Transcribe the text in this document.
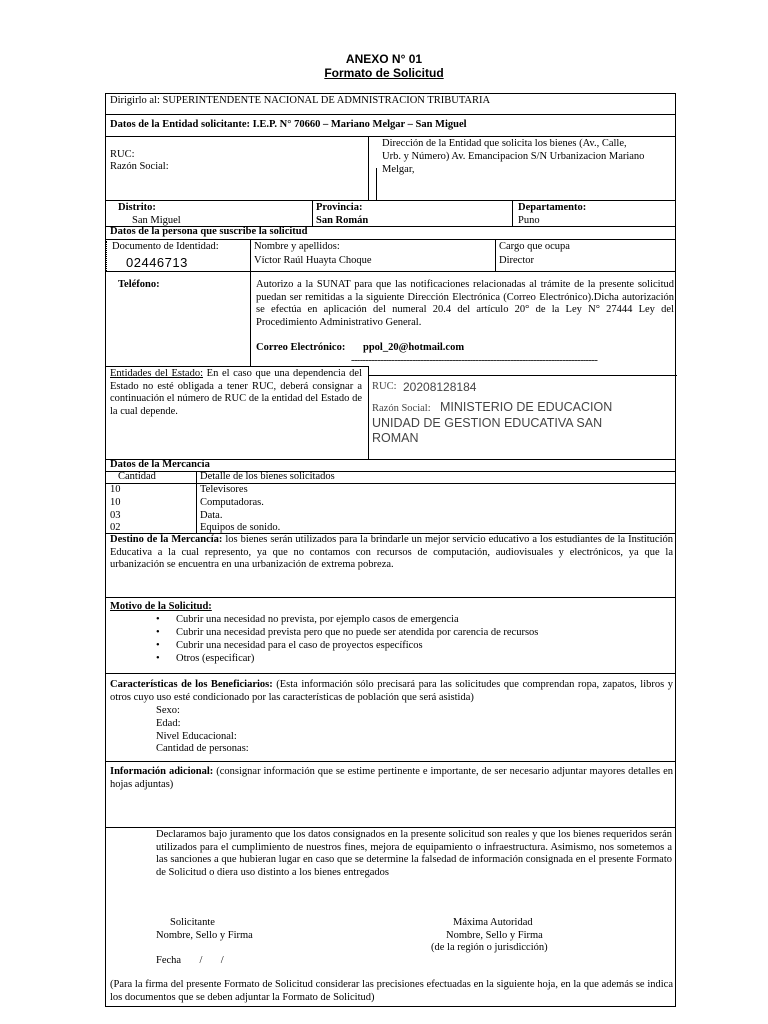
ANEXO N° 01
Formato de Solicitud
Dirigirlo al: SUPERINTENDENTE NACIONAL DE ADMNISTRACION TRIBUTARIA
Datos de la Entidad solicitante: I.E.P. N° 70660 – Mariano Melgar – San Miguel
RUC:
Razón Social:
Dirección de la Entidad que solicita los bienes (Av., Calle,
Urb. y Número) Av. Emancipacion S/N Urbanizacion Mariano
Melgar,
Distrito:
San Miguel
Provincia:
San Román
Departamento:
Puno
Datos de la persona que suscribe la solicitud
Documento de Identidad:
02446713
Nombre y apellidos:
Víctor Raúl Huayta Choque
Cargo que ocupa
Director
Teléfono:	Autorizo a la SUNAT para que las notificaciones relacionadas al trámite de la presente solicitud puedan ser remitidas a la siguiente Dirección Electrónica (Correo Electrónico).Dicha autorización se efectúa en aplicación del numeral 20.4 del artículo 20° de la Ley N° 27444 Ley del Procedimiento Administrativo General.
Correo Electrónico: ppol_20@hotmail.com
-------------------------------------------------------------------------------------
Entidades del Estado: En el caso que una dependencia del Estado no esté obligada a tener RUC, deberá consignar a continuación el número de RUC de la entidad del Estado de la cual depende.
RUC: 20208128184
Razón Social: MINISTERIO DE EDUCACION
UNIDAD DE GESTION EDUCATIVA SAN
ROMAN
Datos de la Mercancía
Cantidad	Detalle de los bienes solicitados
10	Televisores
10	Computadoras.
03	Data.
02	Equipos de sonido.
Destino de la Mercancía: los bienes serán utilizados para la brindarle un mejor servicio educativo a los estudiantes de la Institución Educativa a la cual represento, ya que no contamos con recursos de computación, audiovisuales y electrónicos, ya que la urbanización se encuentra en una urbanización de extrema pobreza.
Motivo de la Solicitud:
• Cubrir una necesidad no prevista, por ejemplo casos de emergencia
• Cubrir una necesidad prevista pero que no puede ser atendida por carencia de recursos
• Cubrir una necesidad para el caso de proyectos específicos
• Otros (especificar)
Características de los Beneficiarios: (Esta información sólo precisará para las solicitudes que comprendan ropa, zapatos, libros y otros cuyo uso esté condicionado por las características de población que será asistida)
Sexo:
Edad:
Nivel Educacional:
Cantidad de personas:
Información adicional: (consignar información que se estime pertinente e importante, de ser necesario adjuntar mayores detalles en hojas adjuntas)
Declaramos bajo juramento que los datos consignados en la presente solicitud son reales y que los bienes requeridos serán utilizados para el cumplimiento de nuestros fines, mejora de equipamiento o infraestructura. Asimismo, nos sometemos a las sanciones a que hubieran lugar en caso que se determine la falsedad de información consignada en el presente Formato de Solicitud o diera uso distinto a los bienes entregados
Solicitante
Nombre, Sello y Firma
Fecha       /       /
Máxima Autoridad
Nombre, Sello y Firma
(de la región o jurisdicción)
(Para la firma del presente Formato de Solicitud considerar las precisiones efectuadas en la siguiente hoja, en la que además se indica los documentos que se deben adjuntar la Formato de Solicitud)
